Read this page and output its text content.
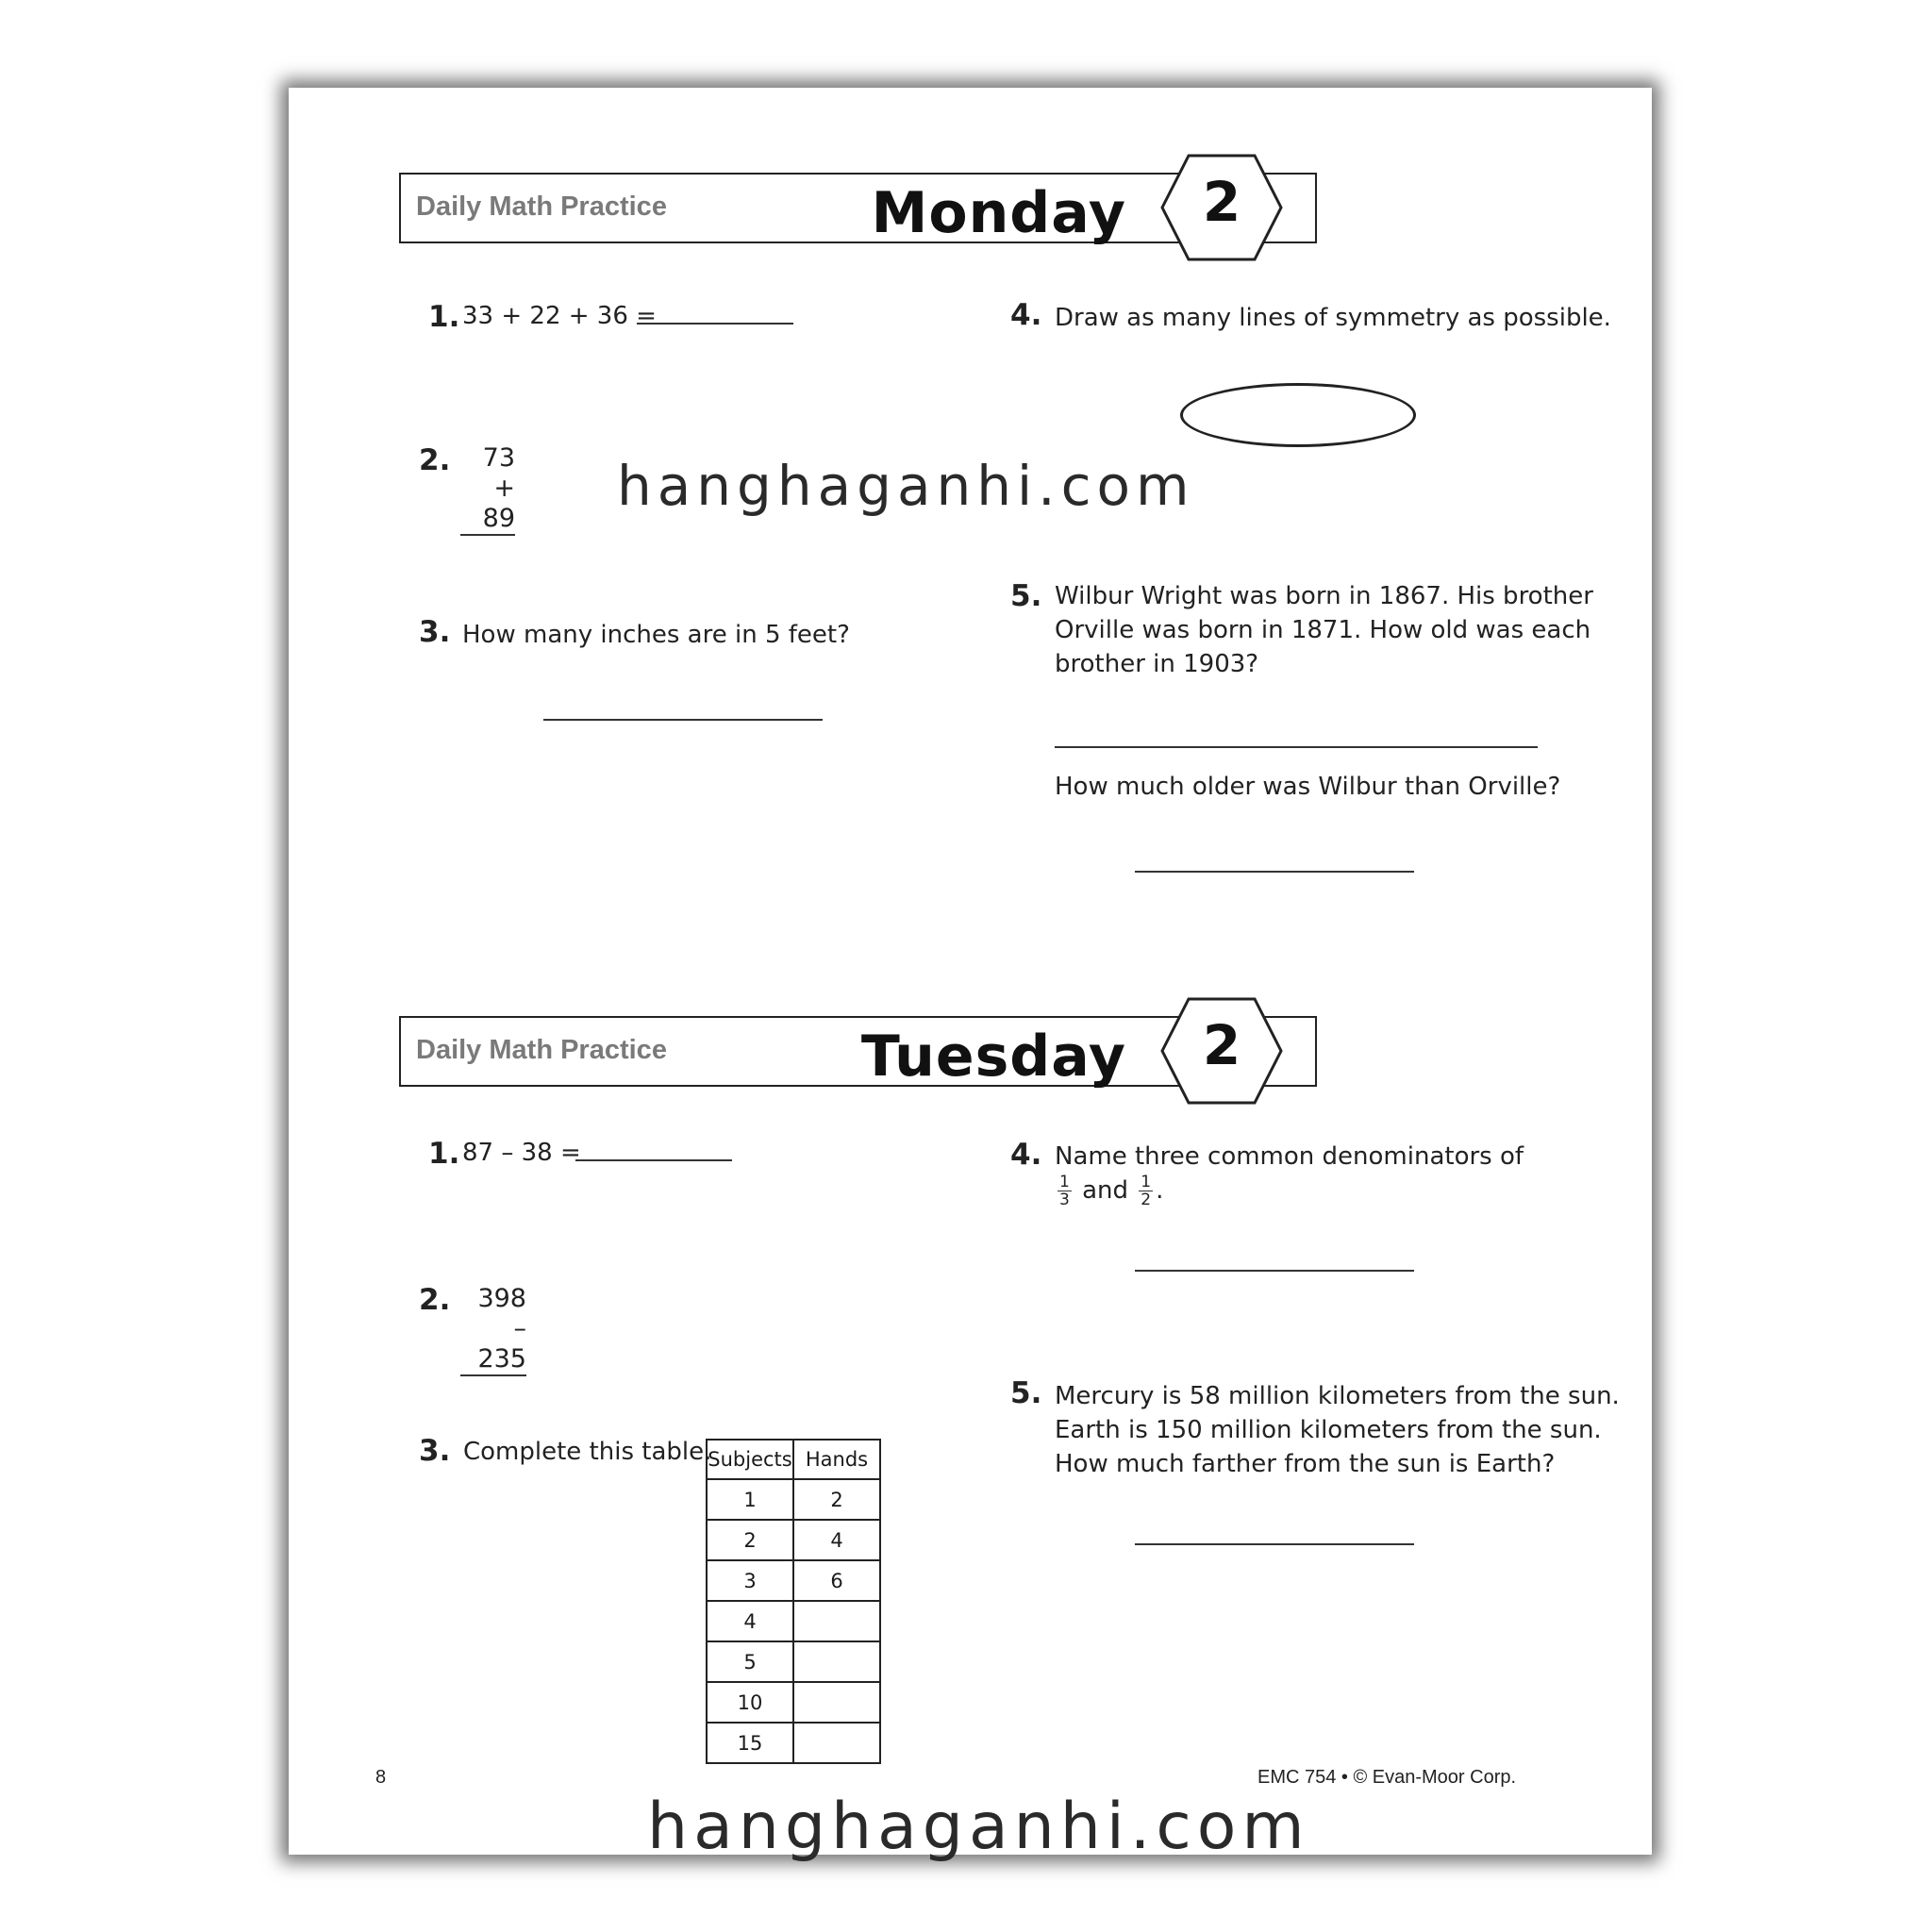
Daily Math Practice	Monday	2
1. 33 + 22 + 36 =
2.	73
+ 89
3. How many inches are in 5 feet?
4. Draw as many lines of symmetry as possible.
5. Wilbur Wright was born in 1867. His brother
Orville was born in 1871. How old was each
brother in 1903?
How much older was Wilbur than Orville?
Daily Math Practice	Tuesday	2
1. 87 – 38 =
2.	398
– 235
3. Complete this table.
Subjects	Hands
1	2
2	4
3	6
4	
5	
10	
15	
4. Name three common denominators of
$\frac{1}{3}$ and $\frac{1}{2}$ .
5. Mercury is 58 million kilometers from the sun.
Earth is 150 million kilometers from the sun.
How much farther from the sun is Earth?
8	EMC 754 • © Evan-Moor Corp.
hanghaganhi.com
hanghaganhi.com
